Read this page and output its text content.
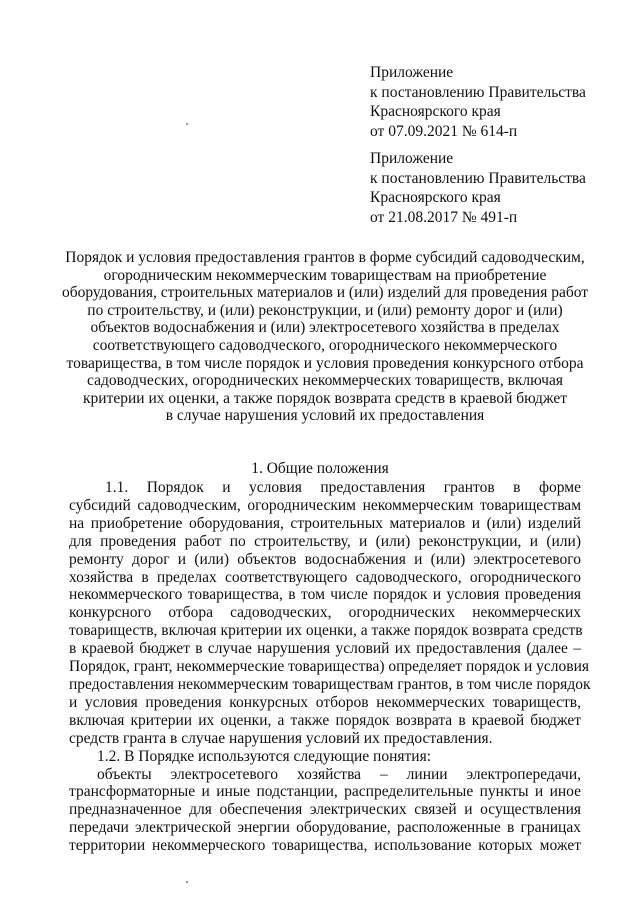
Приложение
к постановлению Правительства
Красноярского края
от 07.09.2021 № 614-п
Приложение
к постановлению Правительства
Красноярского края
от 21.08.2017 № 491-п
Порядок и условия предоставления грантов в форме субсидий садоводческим,
огородническим некоммерческим товариществам на приобретение
оборудования, строительных материалов и (или) изделий для проведения работ
по строительству, и (или) реконструкции, и (или) ремонту дорог и (или)
объектов водоснабжения и (или) электросетевого хозяйства в пределах
соответствующего садоводческого, огороднического некоммерческого
товарищества, в том числе порядок и условия проведения конкурсного отбора
садоводческих, огороднических некоммерческих товариществ, включая
критерии их оценки, а также порядок возврата средств в краевой бюджет
в случае нарушения условий их предоставления
1. Общие положения
1.1. Порядок и условия предоставления грантов в форме
субсидий садоводческим, огородническим некоммерческим товариществам
на приобретение оборудования, строительных материалов и (или) изделий
для проведения работ по строительству, и (или) реконструкции, и (или)
ремонту дорог и (или) объектов водоснабжения и (или) электросетевого
хозяйства в пределах соответствующего садоводческого, огороднического
некоммерческого товарищества, в том числе порядок и условия проведения
конкурсного отбора садоводческих, огороднических некоммерческих
товариществ, включая критерии их оценки, а также порядок возврата средств
в краевой бюджет в случае нарушения условий их предоставления (далее –
Порядок, грант, некоммерческие товарищества) определяет порядок и условия
предоставления некоммерческим товариществам грантов, в том числе порядок
и условия проведения конкурсных отборов некоммерческих товариществ,
включая критерии их оценки, а также порядок возврата в краевой бюджет
средств гранта в случае нарушения условий их предоставления.
1.2. В Порядке используются следующие понятия:
объекты электросетевого хозяйства – линии электропередачи,
трансформаторные и иные подстанции, распределительные пункты и иное
предназначенное для обеспечения электрических связей и осуществления
передачи электрической энергии оборудование, расположенные в границах
территории некоммерческого товарищества, использование которых может
